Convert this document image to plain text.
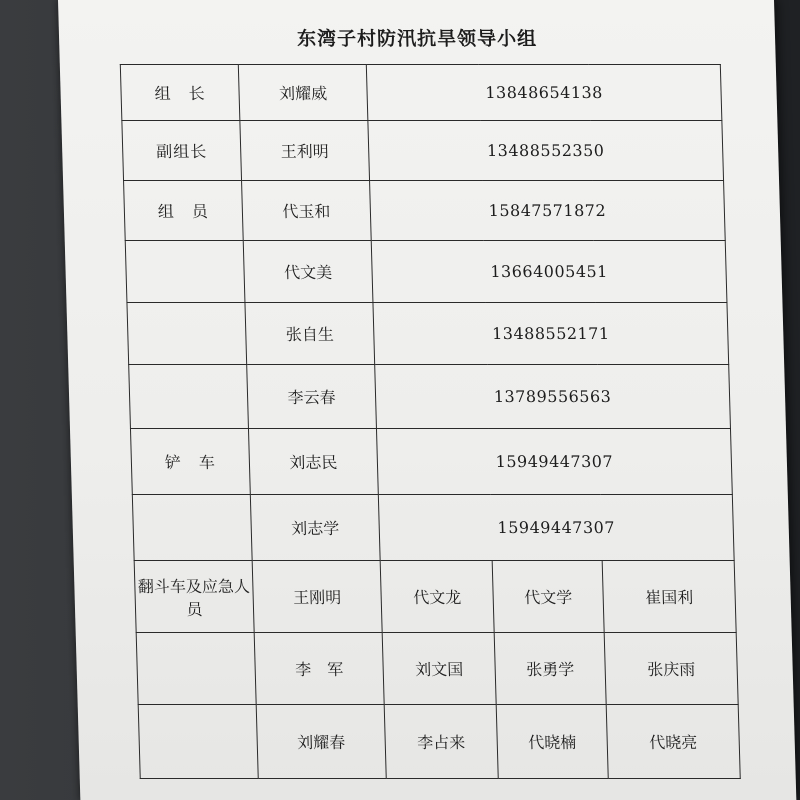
东湾子村防汛抗旱领导小组
组　长	刘耀威	13848654138		
副组长	王利明	13488552350		
组　员	代玉和	15847571872		
	代文美	13664005451		
	张自生	13488552171		
	李云春	13789556563		
铲　车	刘志民	15949447307		
	刘志学	15949447307		
翻斗车及应急人员	王刚明	代文龙	代文学	崔国利
	李　军	刘文国	张勇学	张庆雨
	刘耀春	李占来	代晓楠	代晓亮
